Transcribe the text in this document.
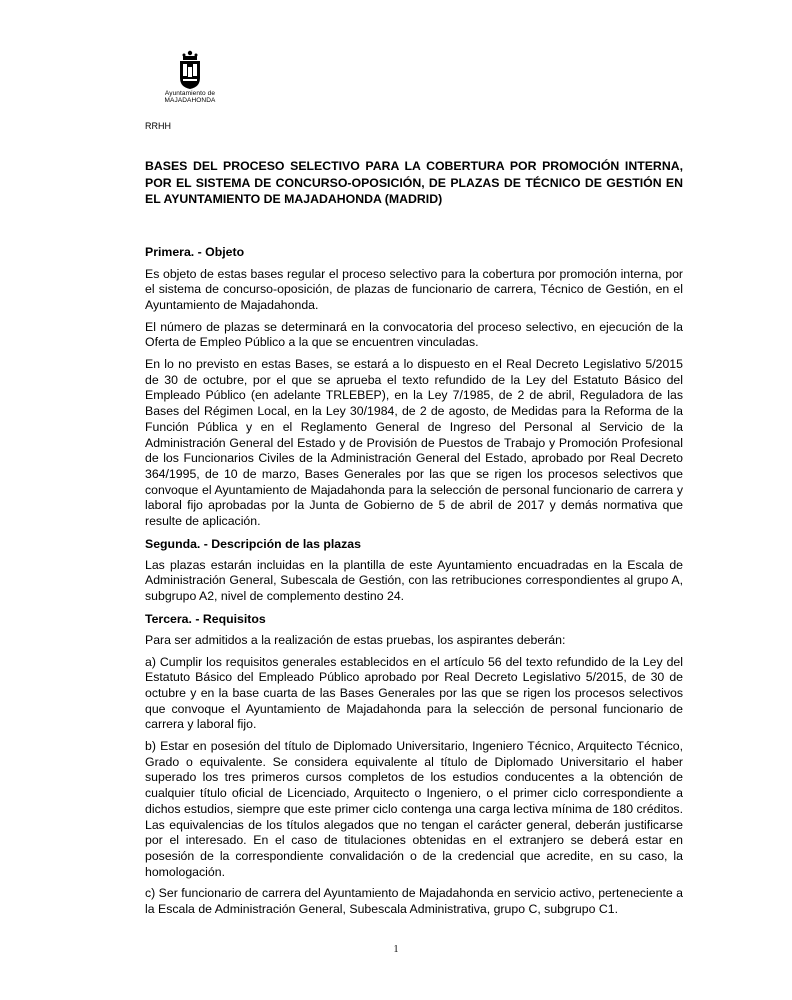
Ayuntamiento de
MAJADAHONDA
RRHH

BASES DEL PROCESO SELECTIVO PARA LA COBERTURA POR PROMOCIÓN INTERNA, POR EL SISTEMA DE CONCURSO-OPOSICIÓN, DE PLAZAS DE TÉCNICO DE GESTIÓN EN EL AYUNTAMIENTO DE MAJADAHONDA (MADRID)

Primera. - Objeto

Es objeto de estas bases regular el proceso selectivo para la cobertura por promoción interna, por el sistema de concurso-oposición, de plazas de funcionario de carrera, Técnico de Gestión, en el Ayuntamiento de Majadahonda.

El número de plazas se determinará en la convocatoria del proceso selectivo, en ejecución de la Oferta de Empleo Público a la que se encuentren vinculadas.

En lo no previsto en estas Bases, se estará a lo dispuesto en el Real Decreto Legislativo 5/2015 de 30 de octubre, por el que se aprueba el texto refundido de la Ley del Estatuto Básico del Empleado Público (en adelante TRLEBEP), en la Ley 7/1985, de 2 de abril, Reguladora de las Bases del Régimen Local, en la Ley 30/1984, de 2 de agosto, de Medidas para la Reforma de la Función Pública y en el Reglamento General de Ingreso del Personal al Servicio de la Administración General del Estado y de Provisión de Puestos de Trabajo y Promoción Profesional de los Funcionarios Civiles de la Administración General del Estado, aprobado por Real Decreto 364/1995, de 10 de marzo, Bases Generales por las que se rigen los procesos selectivos que convoque el Ayuntamiento de Majadahonda para la selección de personal funcionario de carrera y laboral fijo aprobadas por la Junta de Gobierno de 5 de abril de 2017 y demás normativa que resulte de aplicación.

Segunda. - Descripción de las plazas

Las plazas estarán incluidas en la plantilla de este Ayuntamiento encuadradas en la Escala de Administración General, Subescala de Gestión, con las retribuciones correspondientes al grupo A, subgrupo A2, nivel de complemento destino 24.

Tercera. - Requisitos

Para ser admitidos a la realización de estas pruebas, los aspirantes deberán:

a) Cumplir los requisitos generales establecidos en el artículo 56 del texto refundido de la Ley del Estatuto Básico del Empleado Público aprobado por Real Decreto Legislativo 5/2015, de 30 de octubre y en la base cuarta de las Bases Generales por las que se rigen los procesos selectivos que convoque el Ayuntamiento de Majadahonda para la selección de personal funcionario de carrera y laboral fijo.

b) Estar en posesión del título de Diplomado Universitario, Ingeniero Técnico, Arquitecto Técnico, Grado o equivalente. Se considera equivalente al título de Diplomado Universitario el haber superado los tres primeros cursos completos de los estudios conducentes a la obtención de cualquier título oficial de Licenciado, Arquitecto o Ingeniero, o el primer ciclo correspondiente a dichos estudios, siempre que este primer ciclo contenga una carga lectiva mínima de 180 créditos. Las equivalencias de los títulos alegados que no tengan el carácter general, deberán justificarse por el interesado. En el caso de titulaciones obtenidas en el extranjero se deberá estar en posesión de la correspondiente convalidación o de la credencial que acredite, en su caso, la homologación.

c) Ser funcionario de carrera del Ayuntamiento de Majadahonda en servicio activo, perteneciente a la Escala de Administración General, Subescala Administrativa, grupo C, subgrupo C1.

1
